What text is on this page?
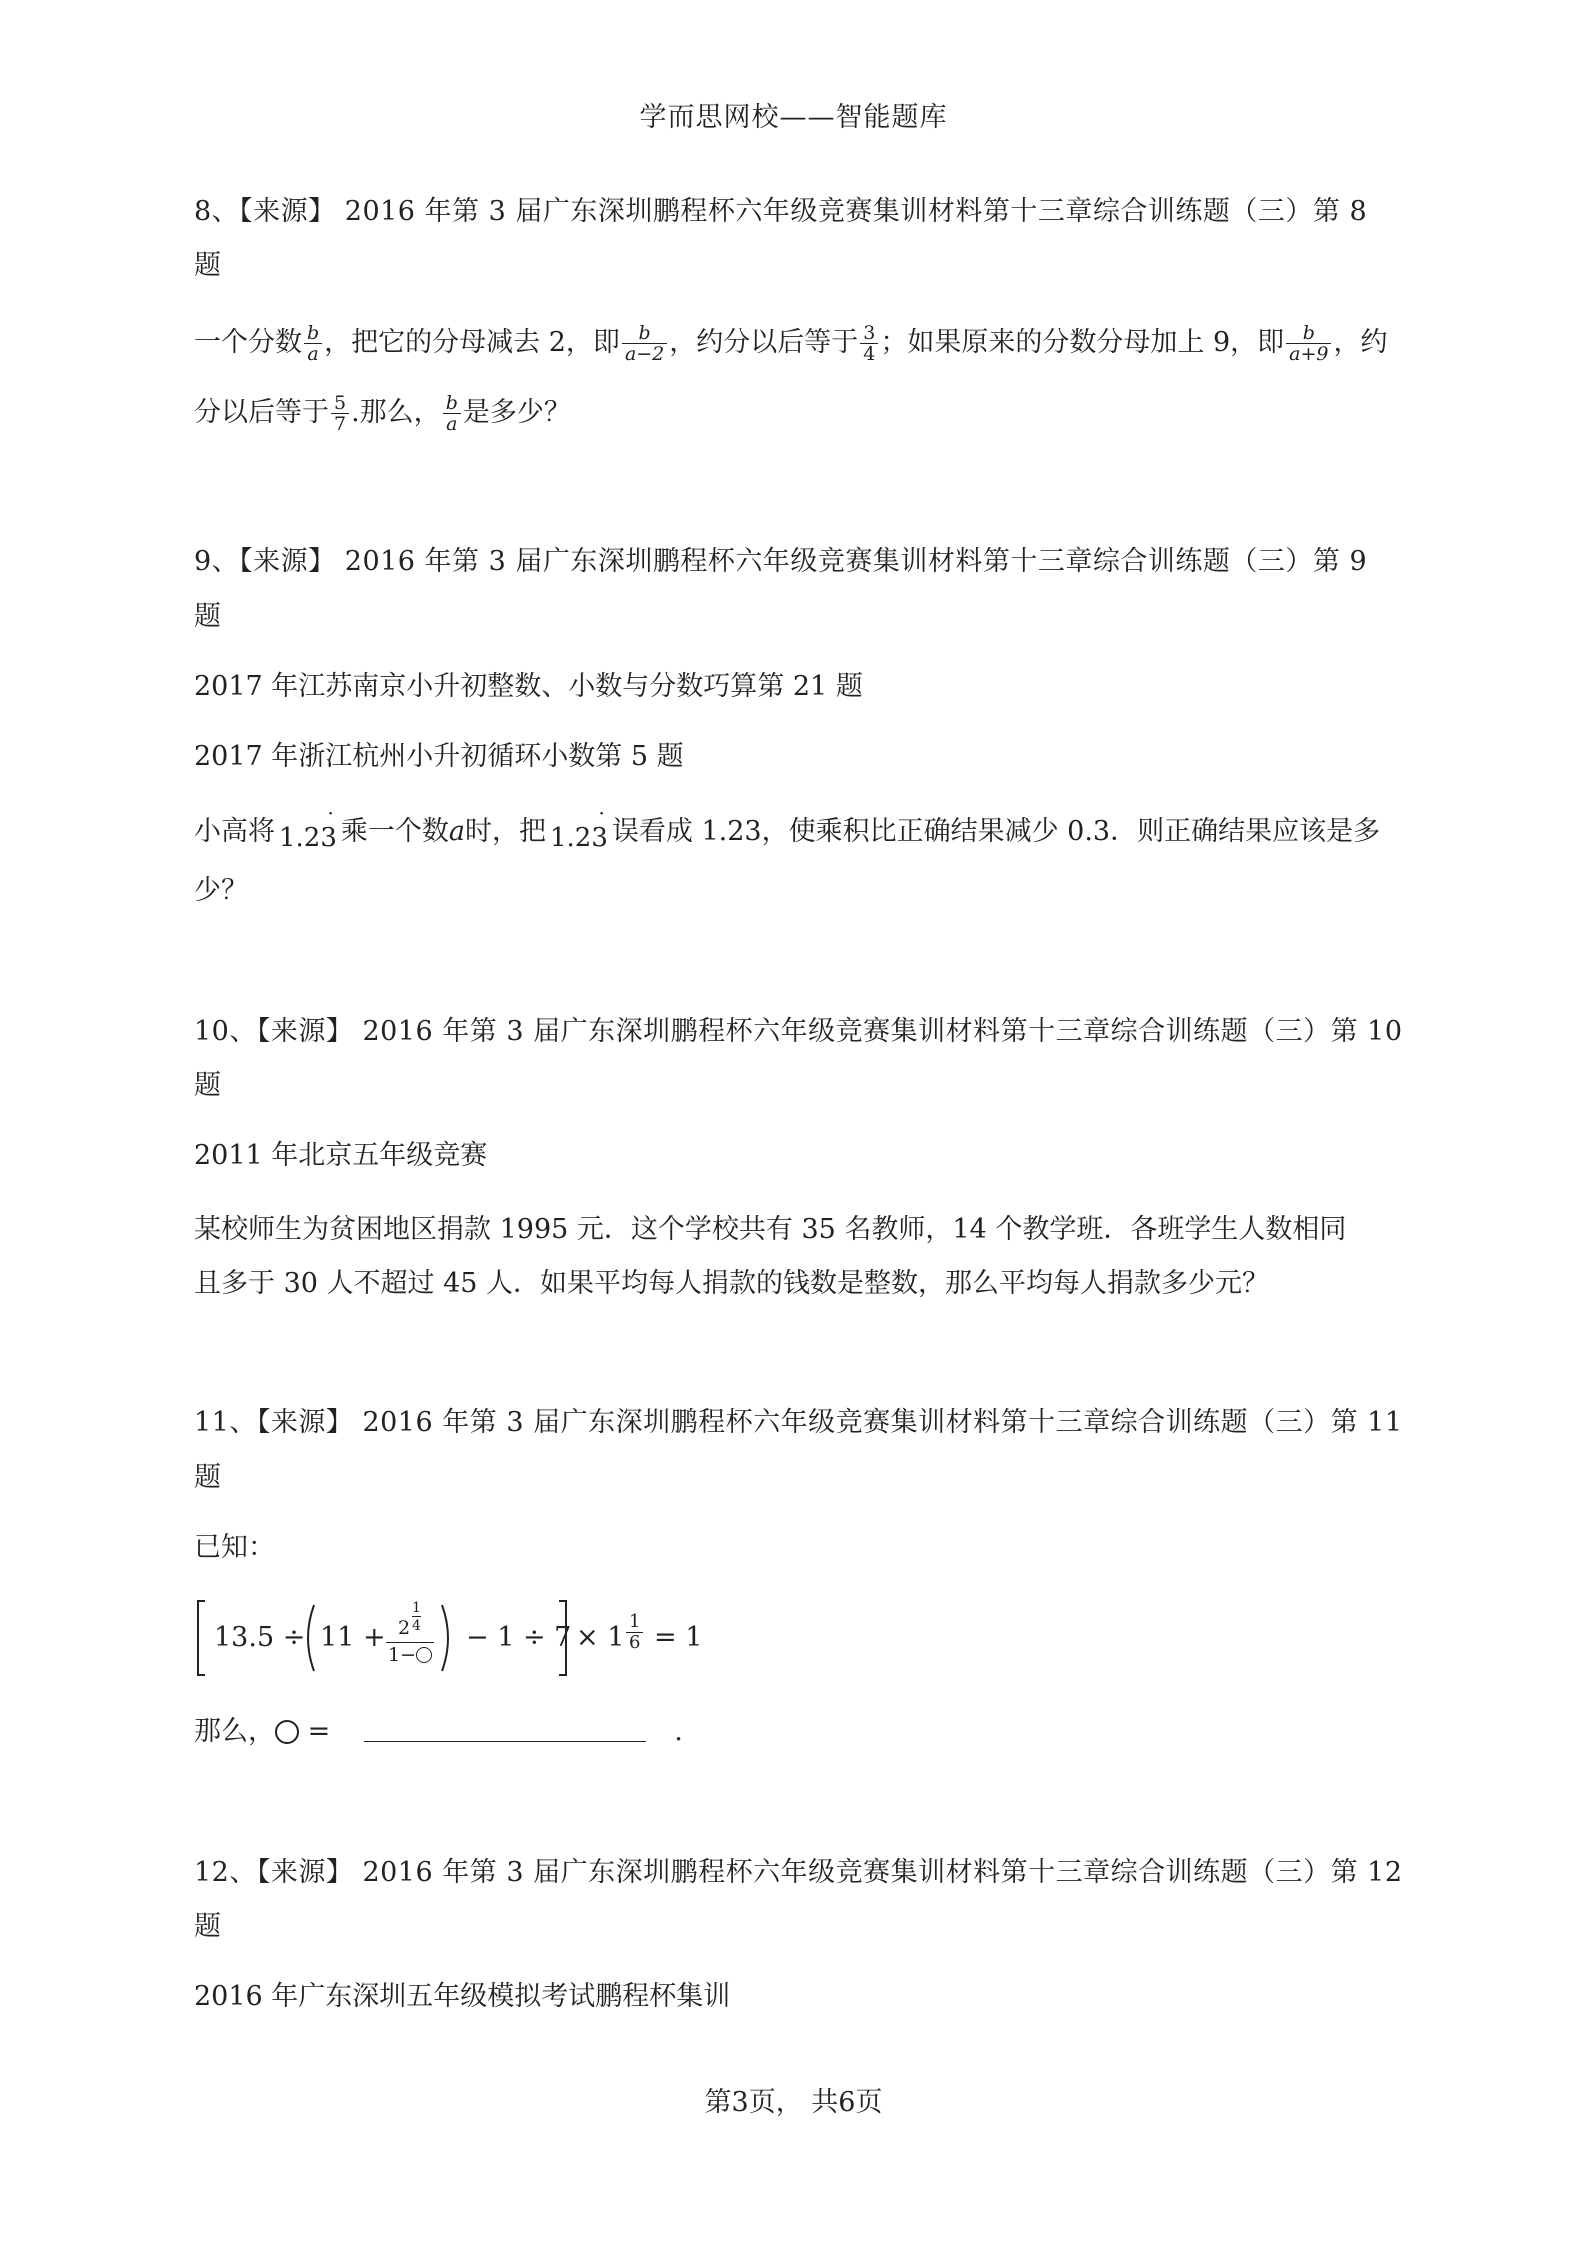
学而思网校——智能题库
8、【来源】 2016 年第 3 届广东深圳鹏程杯六年级竞赛集训材料第十三章综合训练题（三）第 8
题
一个分数 $\frac{b}{a}$ ，把它的分母减去 2，即 $\frac{b}{a-2}$ ，约分以后等于 $\frac{3}{4}$ ；如果原来的分数分母加上 9，即 $\frac{b}{a+9}$ ，约
分以后等于 $\frac{5}{7}$ .那么， $\frac{b}{a}$ 是多少？
9、【来源】 2016 年第 3 届广东深圳鹏程杯六年级竞赛集训材料第十三章综合训练题（三）第 9
题
2017 年江苏南京小升初整数、小数与分数巧算第 21 题
2017 年浙江杭州小升初循环小数第 5 题
小高将 1.23
·
乘一个数a时，把 1.23
·
误看成 1.23，使乘积比正确结果减少 0.3．则正确结果应该是多
少？
10、【来源】 2016 年第 3 届广东深圳鹏程杯六年级竞赛集训材料第十三章综合训练题（三）第 10
题
2011 年北京五年级竞赛
某校师生为贫困地区捐款 1995 元．这个学校共有 35 名教师，14 个教学班．各班学生人数相同
且多于 30 人不超过 45 人．如果平均每人捐款的钱数是整数，那么平均每人捐款多少元？
11、【来源】 2016 年第 3 届广东深圳鹏程杯六年级竞赛集训材料第十三章综合训练题（三）第 11
题
已知：
13.5 ÷ 11 + 2
1
4
1−
− $1 \div 7 \times 1 \frac{1}{6} = 1$
那么， =	.
12、【来源】 2016 年第 3 届广东深圳鹏程杯六年级竞赛集训材料第十三章综合训练题（三）第 12
题
2016 年广东深圳五年级模拟考试鹏程杯集训
第3页， 共6页
